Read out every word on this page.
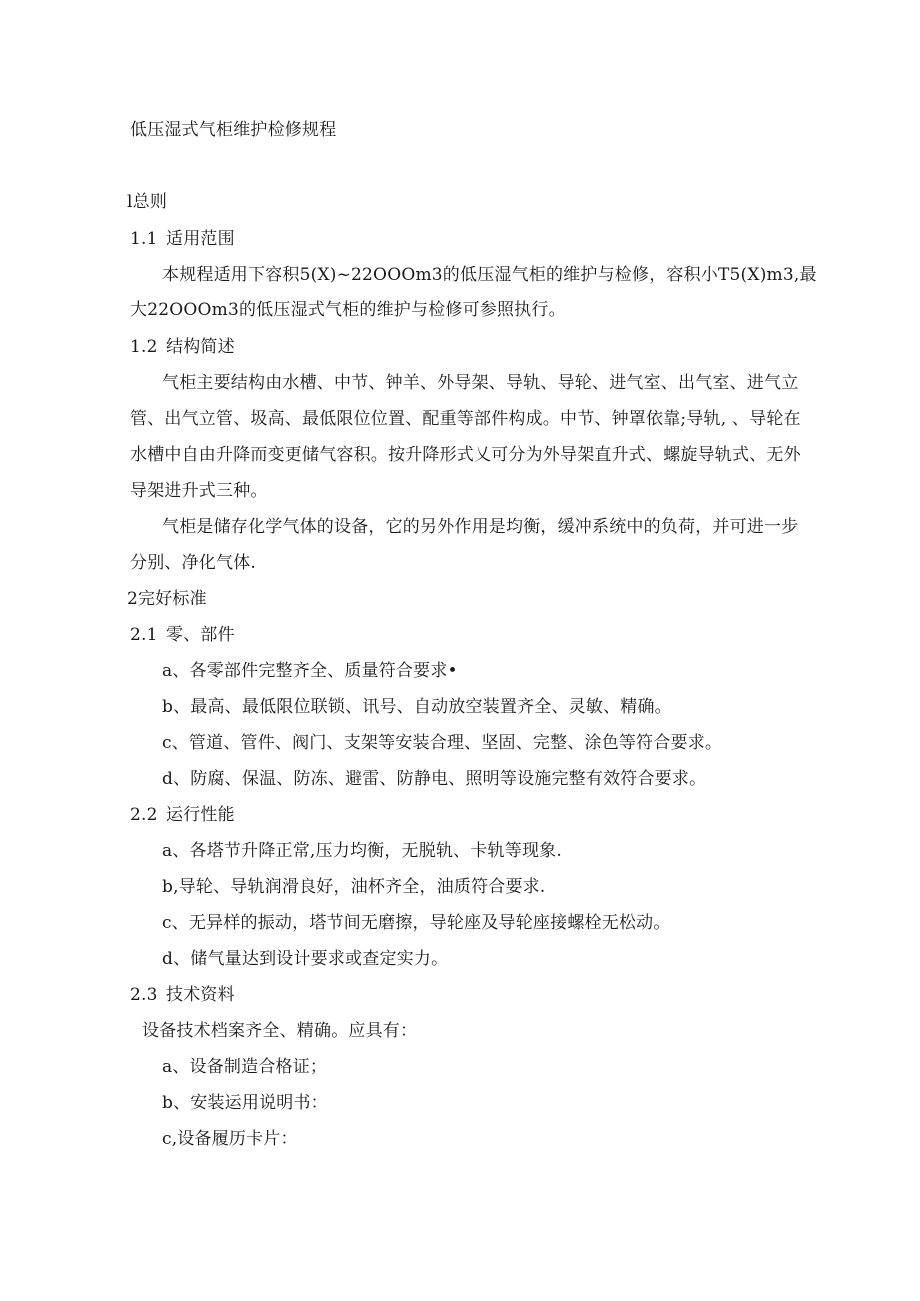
低压湿式气柜维护检修规程
l总则
1.1 适用范围
本规程适用下容积5(X)~22OOOm3的低压湿气柜的维护与检修，容积小T5(X)m3,最
大22OOOm3的低压湿式气柜的维护与检修可参照执行。
1.2 结构简述
气柜主要结构由水槽、中节、钟羊、外导架、导轨、导轮、进气室、出气室、进气立
管、出气立管、圾高、最低限位位置、配重等部件构成。中节、钟罩依靠;导轨, 、导轮在
水槽中自由升降而变更储气容积。按升降形式乂可分为外导架直升式、螺旋导轨式、无外
导架进升式三种。
气柜是储存化学气体的设备，它的另外作用是均衡，缓冲系统中的负荷，并可进一步
分别、净化气体.
2完好标准
2.1 零、部件
a、各零部件完整齐全、质量符合要求•
b、最高、最低限位联锁、讯号、自动放空装置齐全、灵敏、精确。
c、管道、管件、阀门、支架等安装合理、坚固、完整、涂色等符合要求。
d、防腐、保温、防冻、避雷、防静电、照明等设施完整有效符合要求。
2.2 运行性能
a、各塔节升降正常,压力均衡，无脱轨、卡轨等现象.
b,导轮、导轨润滑良好，油杯齐全，油质符合要求.
c、无异样的振动，塔节间无磨擦，导轮座及导轮座接螺栓无松动。
d、储气量达到设计要求或查定实力。
2.3 技术资料
设备技术档案齐全、精确。应具有：
a、设备制造合格证；
b、安装运用说明书：
c,设备履历卡片：
